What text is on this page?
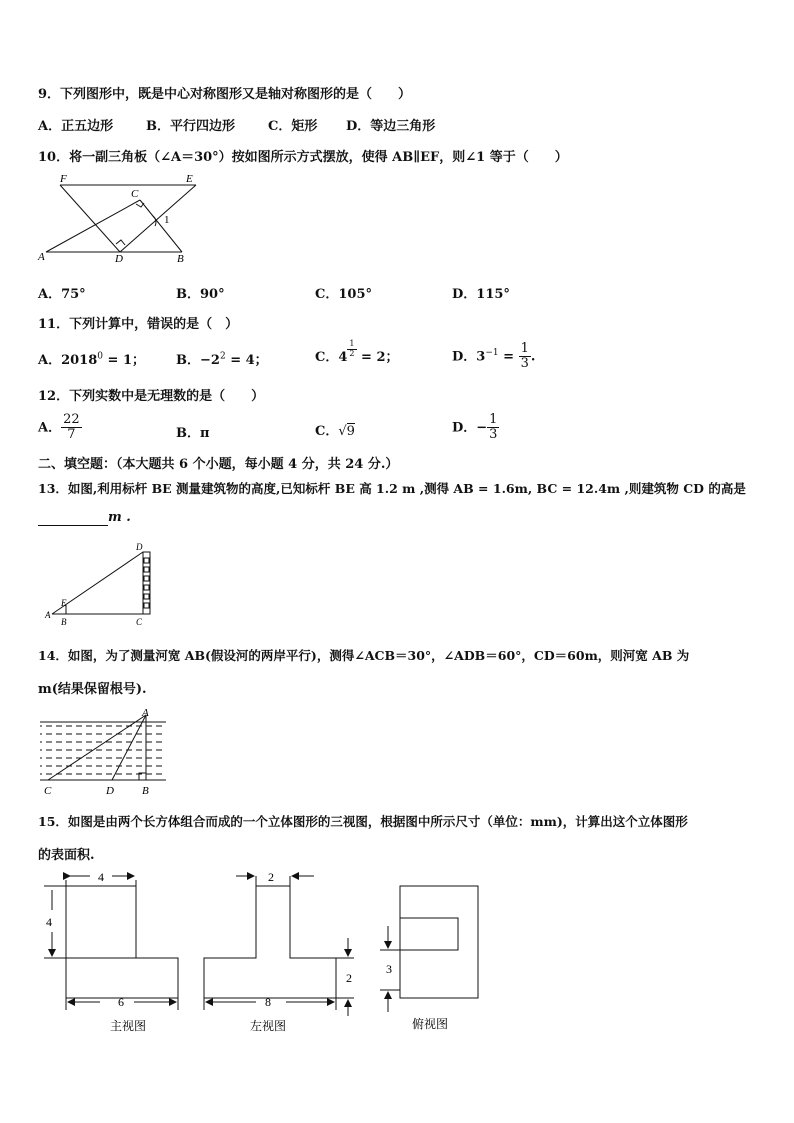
9．下列图形中，既是中心对称图形又是轴对称图形的是（　　）
A．正五边形	B．平行四边形	C．矩形 D．等边三角形
10．将一副三角板（∠A＝30°）按如图所示方式摆放，使得 AB∥EF，则∠1 等于（　　）
F
C
E
1
A	D	B
A．75°	B．90°	C．105°	D．115°
11．下列计算中，错误的是（　）
A．$2018^0 = 1$； B．$-2^2 = 4$；	C．$4 \frac{1}{2} = 2$；	D．$3^{-1} = \frac{1}{3}$ .
12．下列实数中是无理数的是（　　）
A． $\frac{22}{7}$	B．π	C．√9	D．− $\frac{1}{3}$
二、填空题：（本大题共 6 个小题，每小题 4 分，共 24 分.）
13．如图,利用标杆 BE 测量建筑物的高度,已知标杆 BE 高 1.2 m ,测得 AB = 1.6m, BC = 12.4m ,则建筑物 CD 的高是
m .
D
E
A
B	C
14．如图，为了测量河宽 AB(假设河的两岸平行)，测得∠ACB＝30°，∠ADB＝60°，CD＝60m，则河宽 AB 为
m(结果保留根号).
A
C	D	B
15．如图是由两个长方体组合而成的一个立体图形的三视图，根据图中所示尺寸（单位：mm)，计算出这个立体图形
的表面积.
4
4
6
2
2
8
3
主视图	左视图	俯视图
